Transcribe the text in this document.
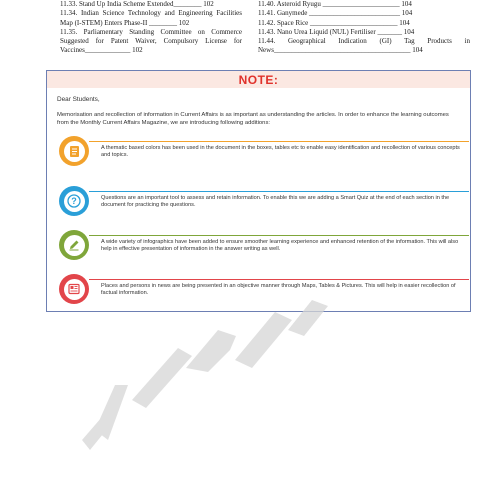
11.33. Stand Up India Scheme Extended________ 102
11.34. Indian Science Technology and Engineering Facilities Map (I-STEM) Enters Phase-II ________ 102
11.35. Parliamentary Standing Committee on Commerce Suggested for Patent Waiver, Compulsory License for Vaccines_____________ 102
11.40. Asteroid Ryugu ______________________ 104
11.41. Ganymede __________________________ 104
11.42. Space Rice _________________________ 104
11.43. Nano Urea Liquid (NUL) Fertiliser _______ 104
11.44. Geographical Indication (GI) Tag Products in News_______________________________________ 104
NOTE:
Dear Students,
Memorisation and recollection of information in Current Affairs is as important as understanding the articles. In order to enhance the learning outcomes from the Monthly Current Affairs Magazine, we are introducing following additions:
A thematic based colors has been used in the document in the boxes, tables etc to enable easy identification and recollection of various concepts and topics.
?	Questions are an important tool to assess and retain information. To enable this we are adding a Smart Quiz at the end of each section in the document for practicing the questions.
A wide variety of infographics have been added to ensure smoother learning experience and enhanced retention of the information. This will also help in effective presentation of information in the answer writing as well.
Places and persons in news are being presented in an objective manner through Maps, Tables & Pictures. This will help in easier recollection of factual information.
